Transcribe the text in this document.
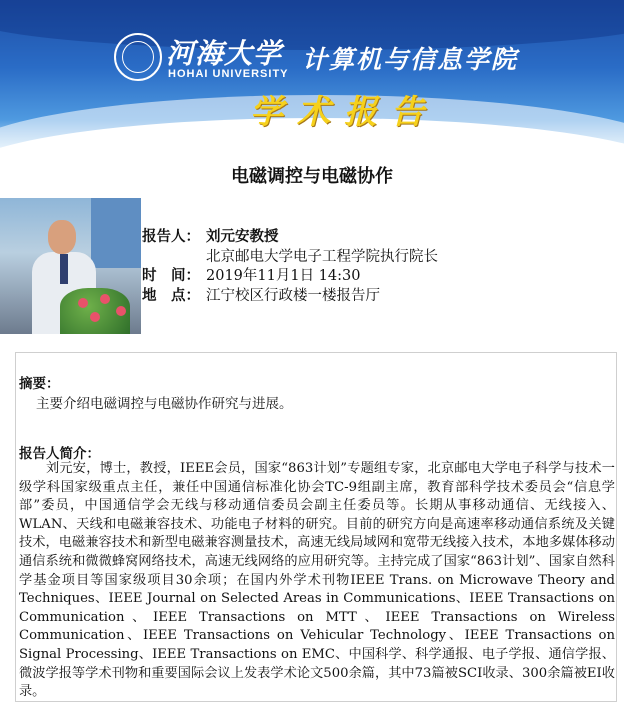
河海大学
HOHAI UNIVERSITY 计算机与信息学院
学术报告
电磁调控与电磁协作
报告人： 刘元安教授
北京邮电大学电子工程学院执行院长
时　间： 2019年11月1日 14:30
地　点： 江宁校区行政楼一楼报告厅
摘要：
主要介绍电磁调控与电磁协作研究与进展。
报告人简介：
刘元安，博士，教授，IEEE会员，国家“863计划”专题组专家，北京邮电大学电子科学与技术一级学科国家级重点主任，兼任中国通信标准化协会TC-9组副主席，教育部科学技术委员会“信息学部”委员，中国通信学会无线与移动通信委员会副主任委员等。长期从事移动通信、无线接入、WLAN、天线和电磁兼容技术、功能电子材料的研究。目前的研究方向是高速率移动通信系统及关键技术，电磁兼容技术和新型电磁兼容测量技术，高速无线局域网和宽带无线接入技术，本地多媒体移动通信系统和微微蜂窝网络技术，高速无线网络的应用研究等。主持完成了国家“863计划”、国家自然科学基金项目等国家级项目30余项；在国内外学术刊物IEEE Trans. on Microwave Theory and Techniques、IEEE Journal on Selected Areas in Communications、IEEE Transactions on Communication、IEEE Transactions on MTT、IEEE Transactions on Wireless Communication、IEEE Transactions on Vehicular Technology、IEEE Transactions on Signal Processing、IEEE Transactions on EMC、中国科学、科学通报、电子学报、通信学报、微波学报等学术刊物和重要国际会议上发表学术论文500余篇，其中73篇被SCI收录、300余篇被EI收录。
